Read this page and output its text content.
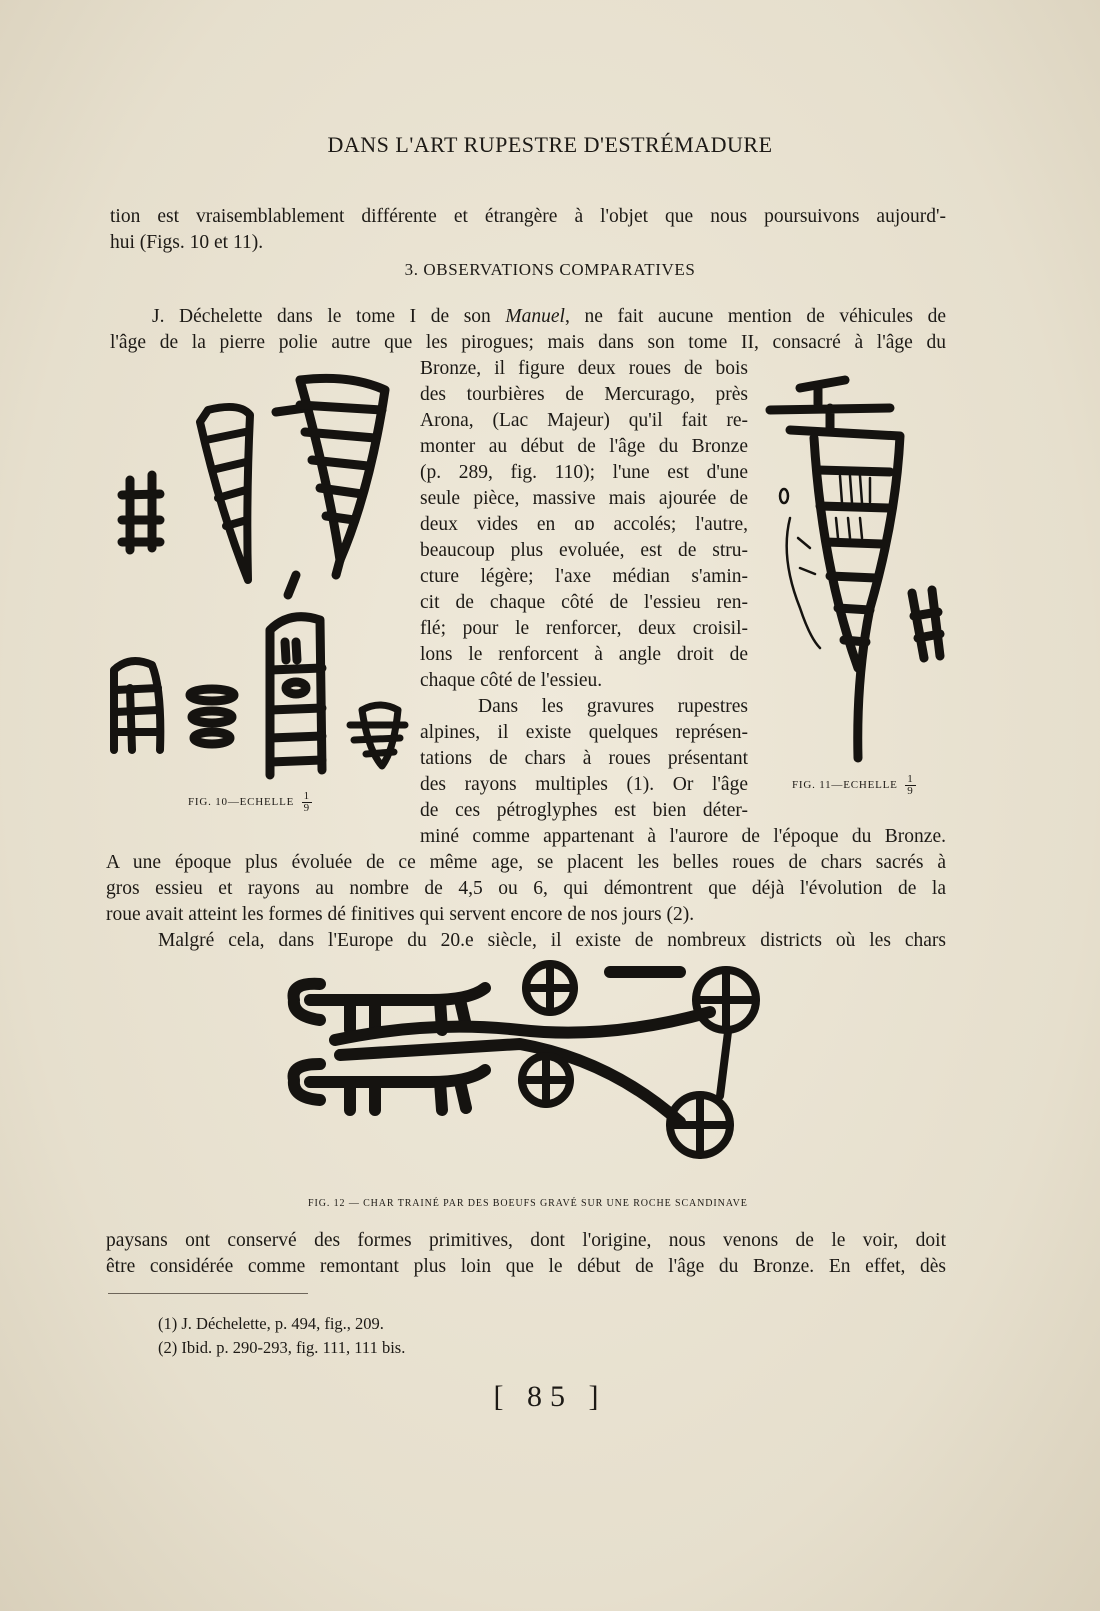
DANS L'ART RUPESTRE D'ESTRÉMADURE
tion est vraisemblablement différente et étrangère à l'objet que nous poursuivons aujourd'-
hui (Figs. 10 et 11).
3. OBSERVATIONS COMPARATIVES
J. Déchelette dans le tome I de son Manuel, ne fait aucune mention de véhicules de
l'âge de la pierre polie autre que les pirogues; mais dans son tome II, consacré à l'âge du
Bronze, il figure deux roues de bois
des tourbières de Mercurago, près
Arona, (Lac Majeur) qu'il fait re-
monter au début de l'âge du Bronze
(p. 289, fig. 110); l'une est d'une
seule pièce, massive mais ajourée de
deux vides en ɑɒ accolés; l'autre,
beaucoup plus evoluée, est de stru-
cture légère; l'axe médian s'amin-
cit de chaque côté de l'essieu ren-
flé; pour le renforcer, deux croisil-
lons le renforcent à angle droit de
chaque côté de l'essieu.
Dans les gravures rupestres
alpines, il existe quelques représen-
tations de chars à roues présentant
des rayons multiples (1). Or l'âge
de ces pétroglyphes est bien déter-
miné comme appartenant à l'aurore de l'époque du Bronze.
A une époque plus évoluée de ce même age, se placent les belles roues de chars sacrés à
gros essieu et rayons au nombre de 4,5 ou 6, qui démontrent que déjà l'évolution de la
roue avait atteint les formes dé finitives qui servent encore de nos jours (2).
Malgré cela, dans l'Europe du 20.e siècle, il existe de nombreux districts où les chars
paysans ont conservé des formes primitives, dont l'origine, nous venons de le voir, doit
être considérée comme remontant plus loin que le début de l'âge du Bronze. En effet, dès
FIG. 10—ECHELLE $\frac{1}{9}$
FIG. 11—ECHELLE $\frac{1}{9}$
FIG. 12 — CHAR TRAINÉ PAR DES BOEUFS GRAVÉ SUR UNE ROCHE SCANDINAVE
(1) J. Déchelette, p. 494, fig., 209.
(2) Ibid. p. 290-293, fig. 111, 111 bis.
[ 85 ]
